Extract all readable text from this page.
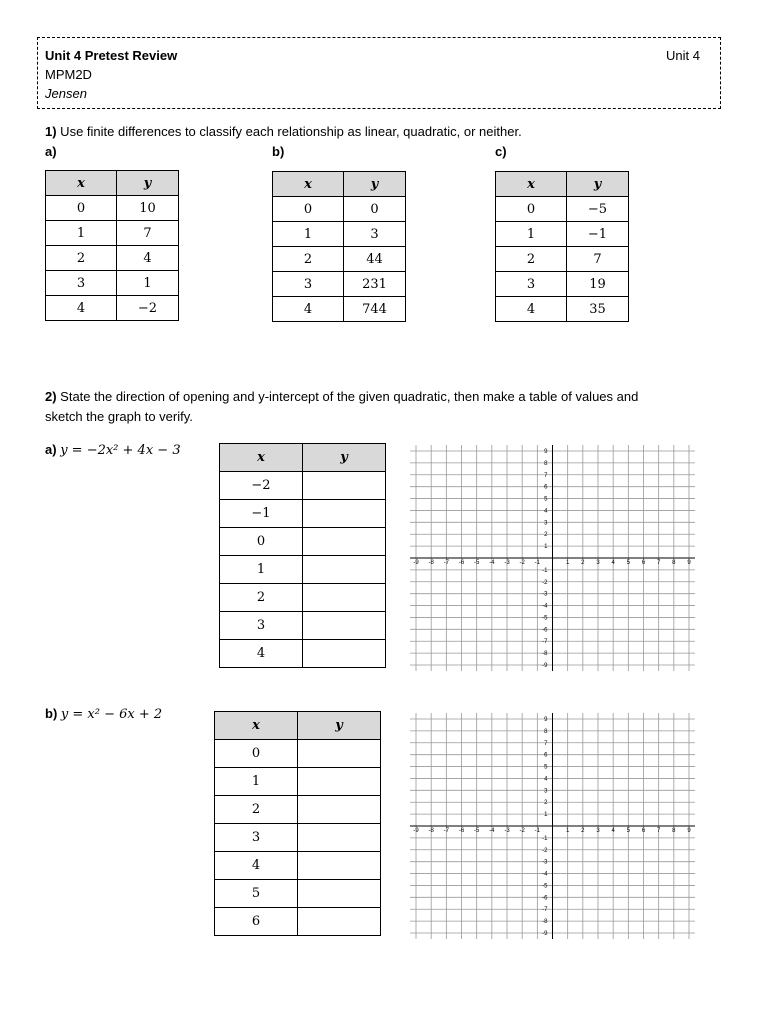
Unit 4 Pretest Review	Unit 4
MPM2D
Jensen
1) Use finite differences to classify each relationship as linear, quadratic, or neither.
a)	b)	c)
x	y
0	10
1	7
2	4
3	1
4	−2
x	y
0	0
1	3
2	44
3	231
4	744
x	y
0	−5
1	−1
2	7
3	19
4	35
2) State the direction of opening and y-intercept of the given quadratic, then make a table of values and
sketch the graph to verify.
a) y = −2x² + 4x − 3
b) y = x² − 6x + 2
x	y
−2	
−1	
0	
1	
2	
3	
4	
x	y
0	
1	
2	
3	
4	
5	
6	
-9 -8 -7 -6 -5 -4 -3 -2 -1	1 2 3 4 5 6 7 8 9
9
8
7
6
5
4
3
2
1
-1
-2
-3
-4
-5
-6
-7
-8
-9
-9 -8 -7 -6 -5 -4 -3 -2 -1	1 2 3 4 5 6 7 8 9
9
8
7
6
5
4
3
2
1
-1
-2
-3
-4
-5
-6
-7
-8
-9
